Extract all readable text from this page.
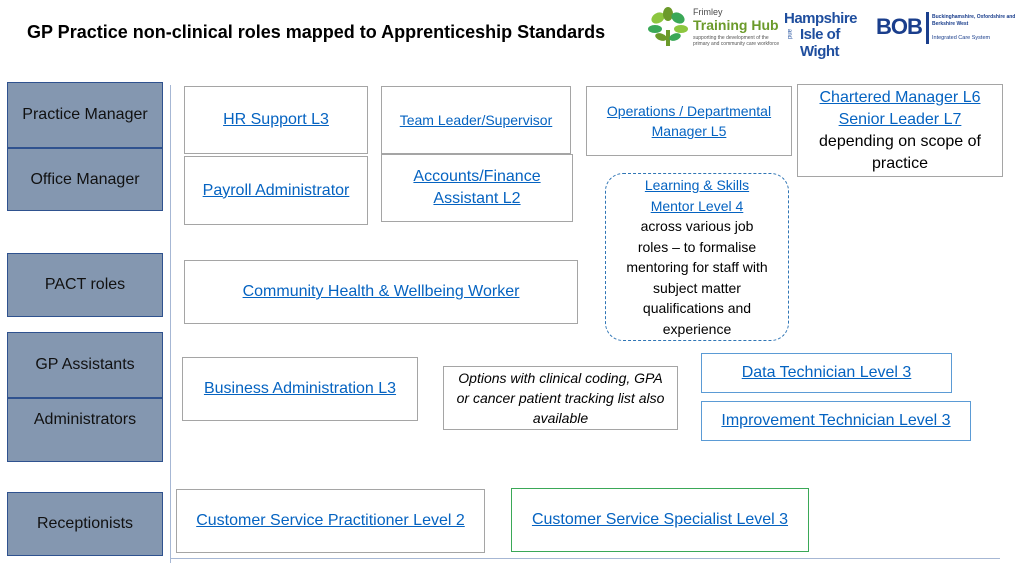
GP Practice non-clinical roles mapped to Apprenticeship Standards
Frimley
Training Hub
supporting the development of the primary and community care workforce
Hampshire
and Isle of Wight
BOB Buckinghamshire, Oxfordshire and Berkshire West
Integrated Care System
Practice Manager
Office Manager
PACT roles
GP Assistants
Administrators
Receptionists
HR Support L3	Team Leader/Supervisor
Operations / Departmental Manager L5
Chartered Manager L6
Senior Leader L7
depending on scope of practice
Payroll Administrator
Accounts/Finance Assistant L2
Learning & Skills Mentor Level 4
across various job roles – to formalise mentoring for staff with subject matter qualifications and experience
Community Health & Wellbeing Worker
Data Technician Level 3
Business Administration L3
Options with clinical coding, GPA or cancer patient tracking list also available	Improvement Technician Level 3
Customer Service Practitioner Level 2	Customer Service Specialist Level 3
